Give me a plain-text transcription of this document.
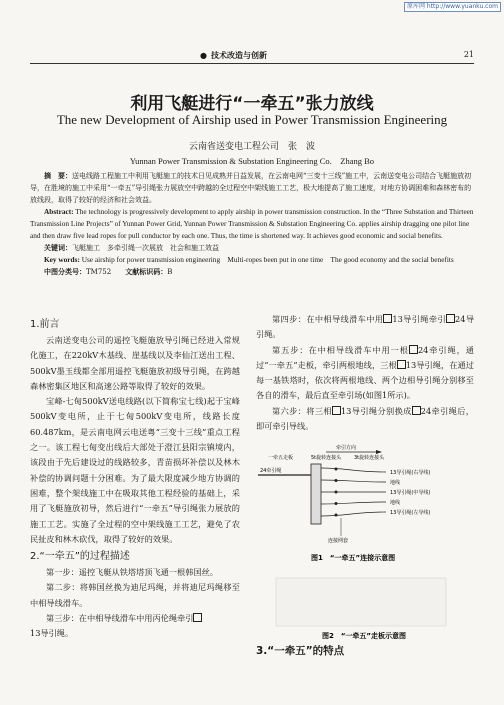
原库网 http://www.yuanku.com
● 技术改造与创新	21
利用飞艇进行“一牵五”张力放线
The new Development of Airship used in Power Transmission Engineering
云南省送变电工程公司　张　波
Yunnan Power Transmission & Substation Engineering Co.　Zhang Bo

摘　要：送电线路工程施工中利用飞艇施工的技术日见成熟并日益发展，在云南电网“三变十三线”施工中，云南送变电公司结合飞艇施放初导，在胜境的施工中采用“一牵五”导引绳张力展放空中跨越的全过程空中架线施工工艺，极大地提高了施工速度，对地方协调困难和森林密布的放线段，取得了较好的经济和社会效益。

Abstract: The technology is progressively development to apply airship in power transmission construction. In the “Three Substation and Thirteen Transmission Line Projects” of Yunnan Power Grid, Yunnan Power Transmission & Substation Engineering Co. applies airship dragging one pilot line and then draw five lead ropes for pull conductor by each one. Thus, the time is shortened way. It achieves good economic and social benefits.

关键词：飞艇施工　多牵引绳一次展放　社会和施工效益

Key words: Use airship for power transmission engineering　Multi-ropes been put in one time　The good economy and the social benefits

中图分类号：TM752　　 文献标识码：B

1.前言

云南送变电公司的遥控飞艇施放导引绳已经进入常规化施工，在220kV木基线、崖基线以及李仙江送出工程、500kV墨玉线都全部用遥控飞艇施放初级导引绳，在跨越森林密集区地区和高速公路等取得了较好的效果。

宝峰-七甸500kV送电线路(以下简称宝七线)起于宝峰500kV变电所，止于七甸500kV变电所，线路长度60.487km，是云南电网云电送粤“三变十三线”重点工程之一。该工程七甸变出线后大部处于澄江县阳宗镇境内，该段由于先后建设过的线路较多，青苗损坏补偿以及林木补偿的协调问题十分困难。为了最大限度减少地方协调的困难，整个架线施工中在吸取其他工程经验的基础上，采用了飞艇施放初导，然后进行“一牵五”导引绳张力展放的施工工艺。实施了全过程的空中架线施工工艺，避免了农民扯皮和林木砍伐，取得了较好的效果。

2.“一牵五”的过程描述

第一步：遥控飞艇从铁塔塔顶飞通一根韩国丝。

第二步：将韩国丝换为迪尼玛绳，并将迪尼玛绳移至中相导线滑车。

第三步：在中相导线滑车中用丙伦绳牵引
13导引绳。

第四步：在中相导线滑车中用 13导引绳牵引 24导引绳。

第五步：在中相导线滑车中用一根 24牵引绳，通过“一牵五”走板，牵引两根地线，三根 13导引绳，在通过每一基铁塔时，依次将两根地线、两个边相导引绳分别移至各自的滑车，最后直至牵引场(如图1所示)。

第六步：将三相 13导引绳分别换成 24牵引绳后，即可牵引导线。

牵引方向
一牵五走板	5t旋转连接头	3t旋转连接头
24牵引绳	13导引绳(右导线)
地线
13导引绳(中导线)
地线
13导引绳(左导线)
连接网套
图1　“一牵五”连接示意图
图2　“一牵五”走板示意图
3.“一牵五”的特点
